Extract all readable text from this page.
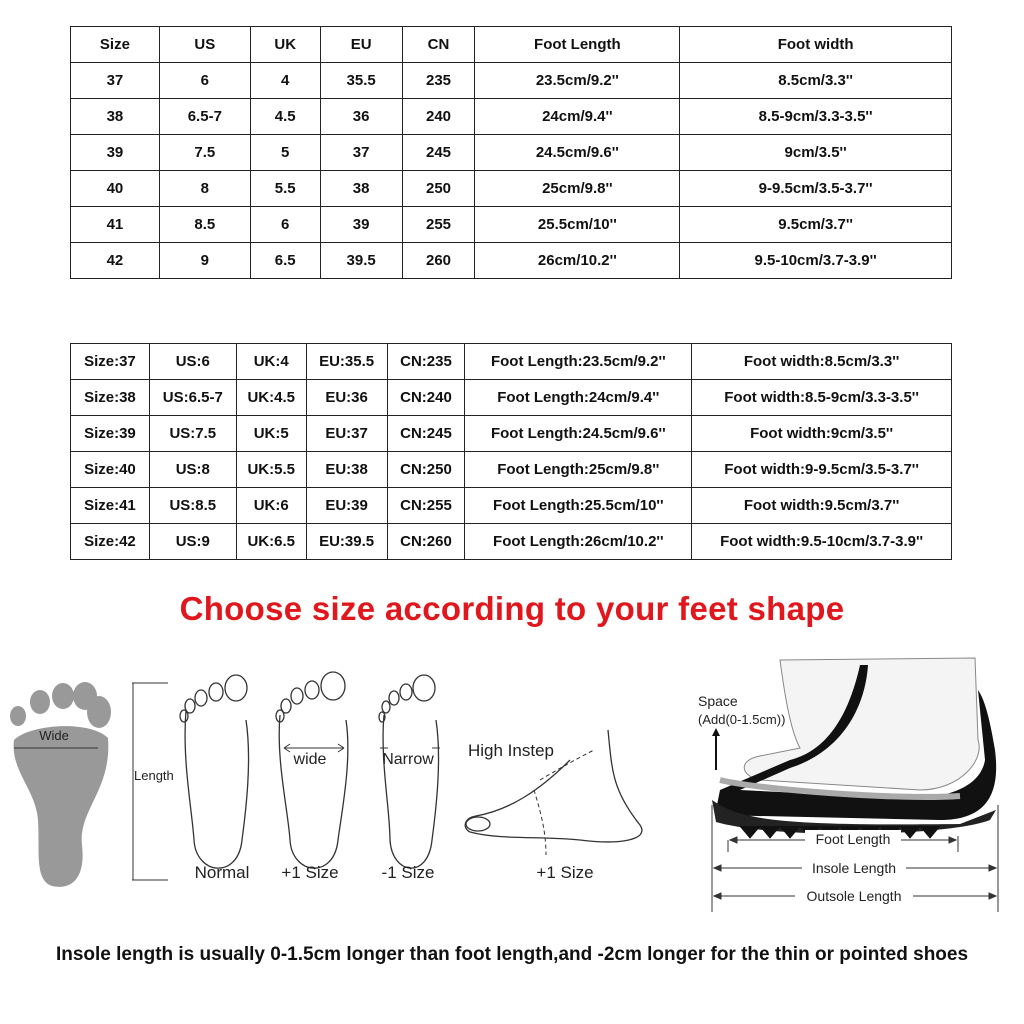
Size	US	UK	EU	CN	Foot Length	Foot width
37	6	4	35.5	235	23.5cm/9.2''	8.5cm/3.3''
38	6.5-7	4.5	36	240	24cm/9.4''	8.5-9cm/3.3-3.5''
39	7.5	5	37	245	24.5cm/9.6''	9cm/3.5''
40	8	5.5	38	250	25cm/9.8''	9-9.5cm/3.5-3.7''
41	8.5	6	39	255	25.5cm/10''	9.5cm/3.7''
42	9	6.5	39.5	260	26cm/10.2''	9.5-10cm/3.7-3.9''
Size:37	US:6	UK:4	EU:35.5	CN:235	Foot Length:23.5cm/9.2''	Foot width:8.5cm/3.3''
Size:38	US:6.5-7	UK:4.5	EU:36	CN:240	Foot Length:24cm/9.4''	Foot width:8.5-9cm/3.3-3.5''
Size:39	US:7.5	UK:5	EU:37	CN:245	Foot Length:24.5cm/9.6''	Foot width:9cm/3.5''
Size:40	US:8	UK:5.5	EU:38	CN:250	Foot Length:25cm/9.8''	Foot width:9-9.5cm/3.5-3.7''
Size:41	US:8.5	UK:6	EU:39	CN:255	Foot Length:25.5cm/10''	Foot width:9.5cm/3.7''
Size:42	US:9	UK:6.5	EU:39.5	CN:260	Foot Length:26cm/10.2''	Foot width:9.5-10cm/3.7-3.9''
Choose size according to your feet shape
Wide
Length
Normal
wide
+1 Size
Narrow
-1 Size
High Instep
+1 Size
Space
(Add(0-1.5cm))
Foot Length
Insole Length
Outsole Length
Insole length is usually 0-1.5cm longer than foot length,and -2cm longer for the thin or pointed shoes
